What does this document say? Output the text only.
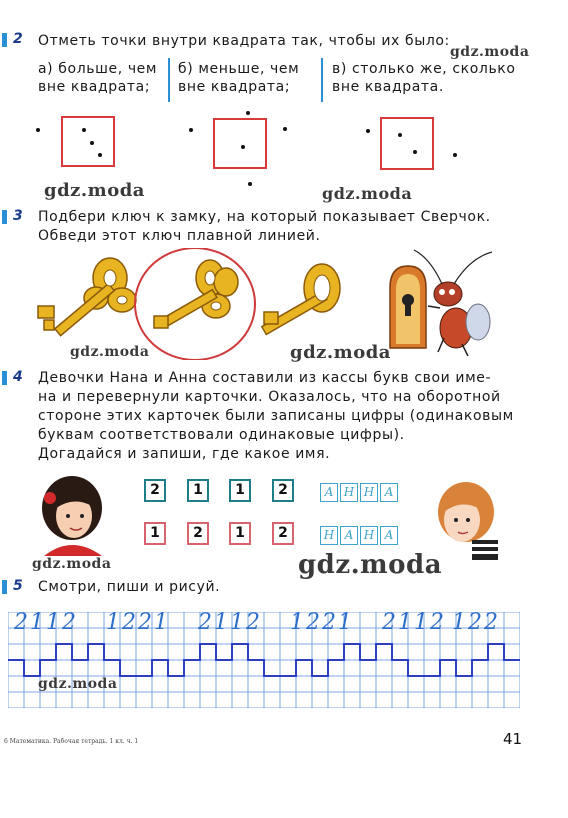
2 Отметь точки внутри квадрата так, чтобы их было:
а) больше, чем
вне квадрата;
б) меньше, чем
вне квадрата;
в) столько же, сколько
вне квадрата.
3 Подбери ключ к замку, на который показывает Сверчок.
Обведи этот ключ плавной линией.
4 Девочки Нана и Анна составили из кассы букв свои име-
на и перевернули карточки. Оказалось, что на оборотной
стороне этих карточек были записаны цифры (одинаковым
буквам соответствовали одинаковые цифры).
Догадайся и запиши, где какое имя.
2	1	1	2	А Н Н А
1	2	1	2	Н А Н А
5 Смотри, пиши и рисуй.
2112 1221 2112 1221 2112 122
gdz.moda
gdz.moda	gdz.moda
gdz.moda	gdz.moda
gdz.moda	gdz.moda
gdz.moda
6 Математика. Рабочая тетрадь. 1 кл. ч. 1	41
